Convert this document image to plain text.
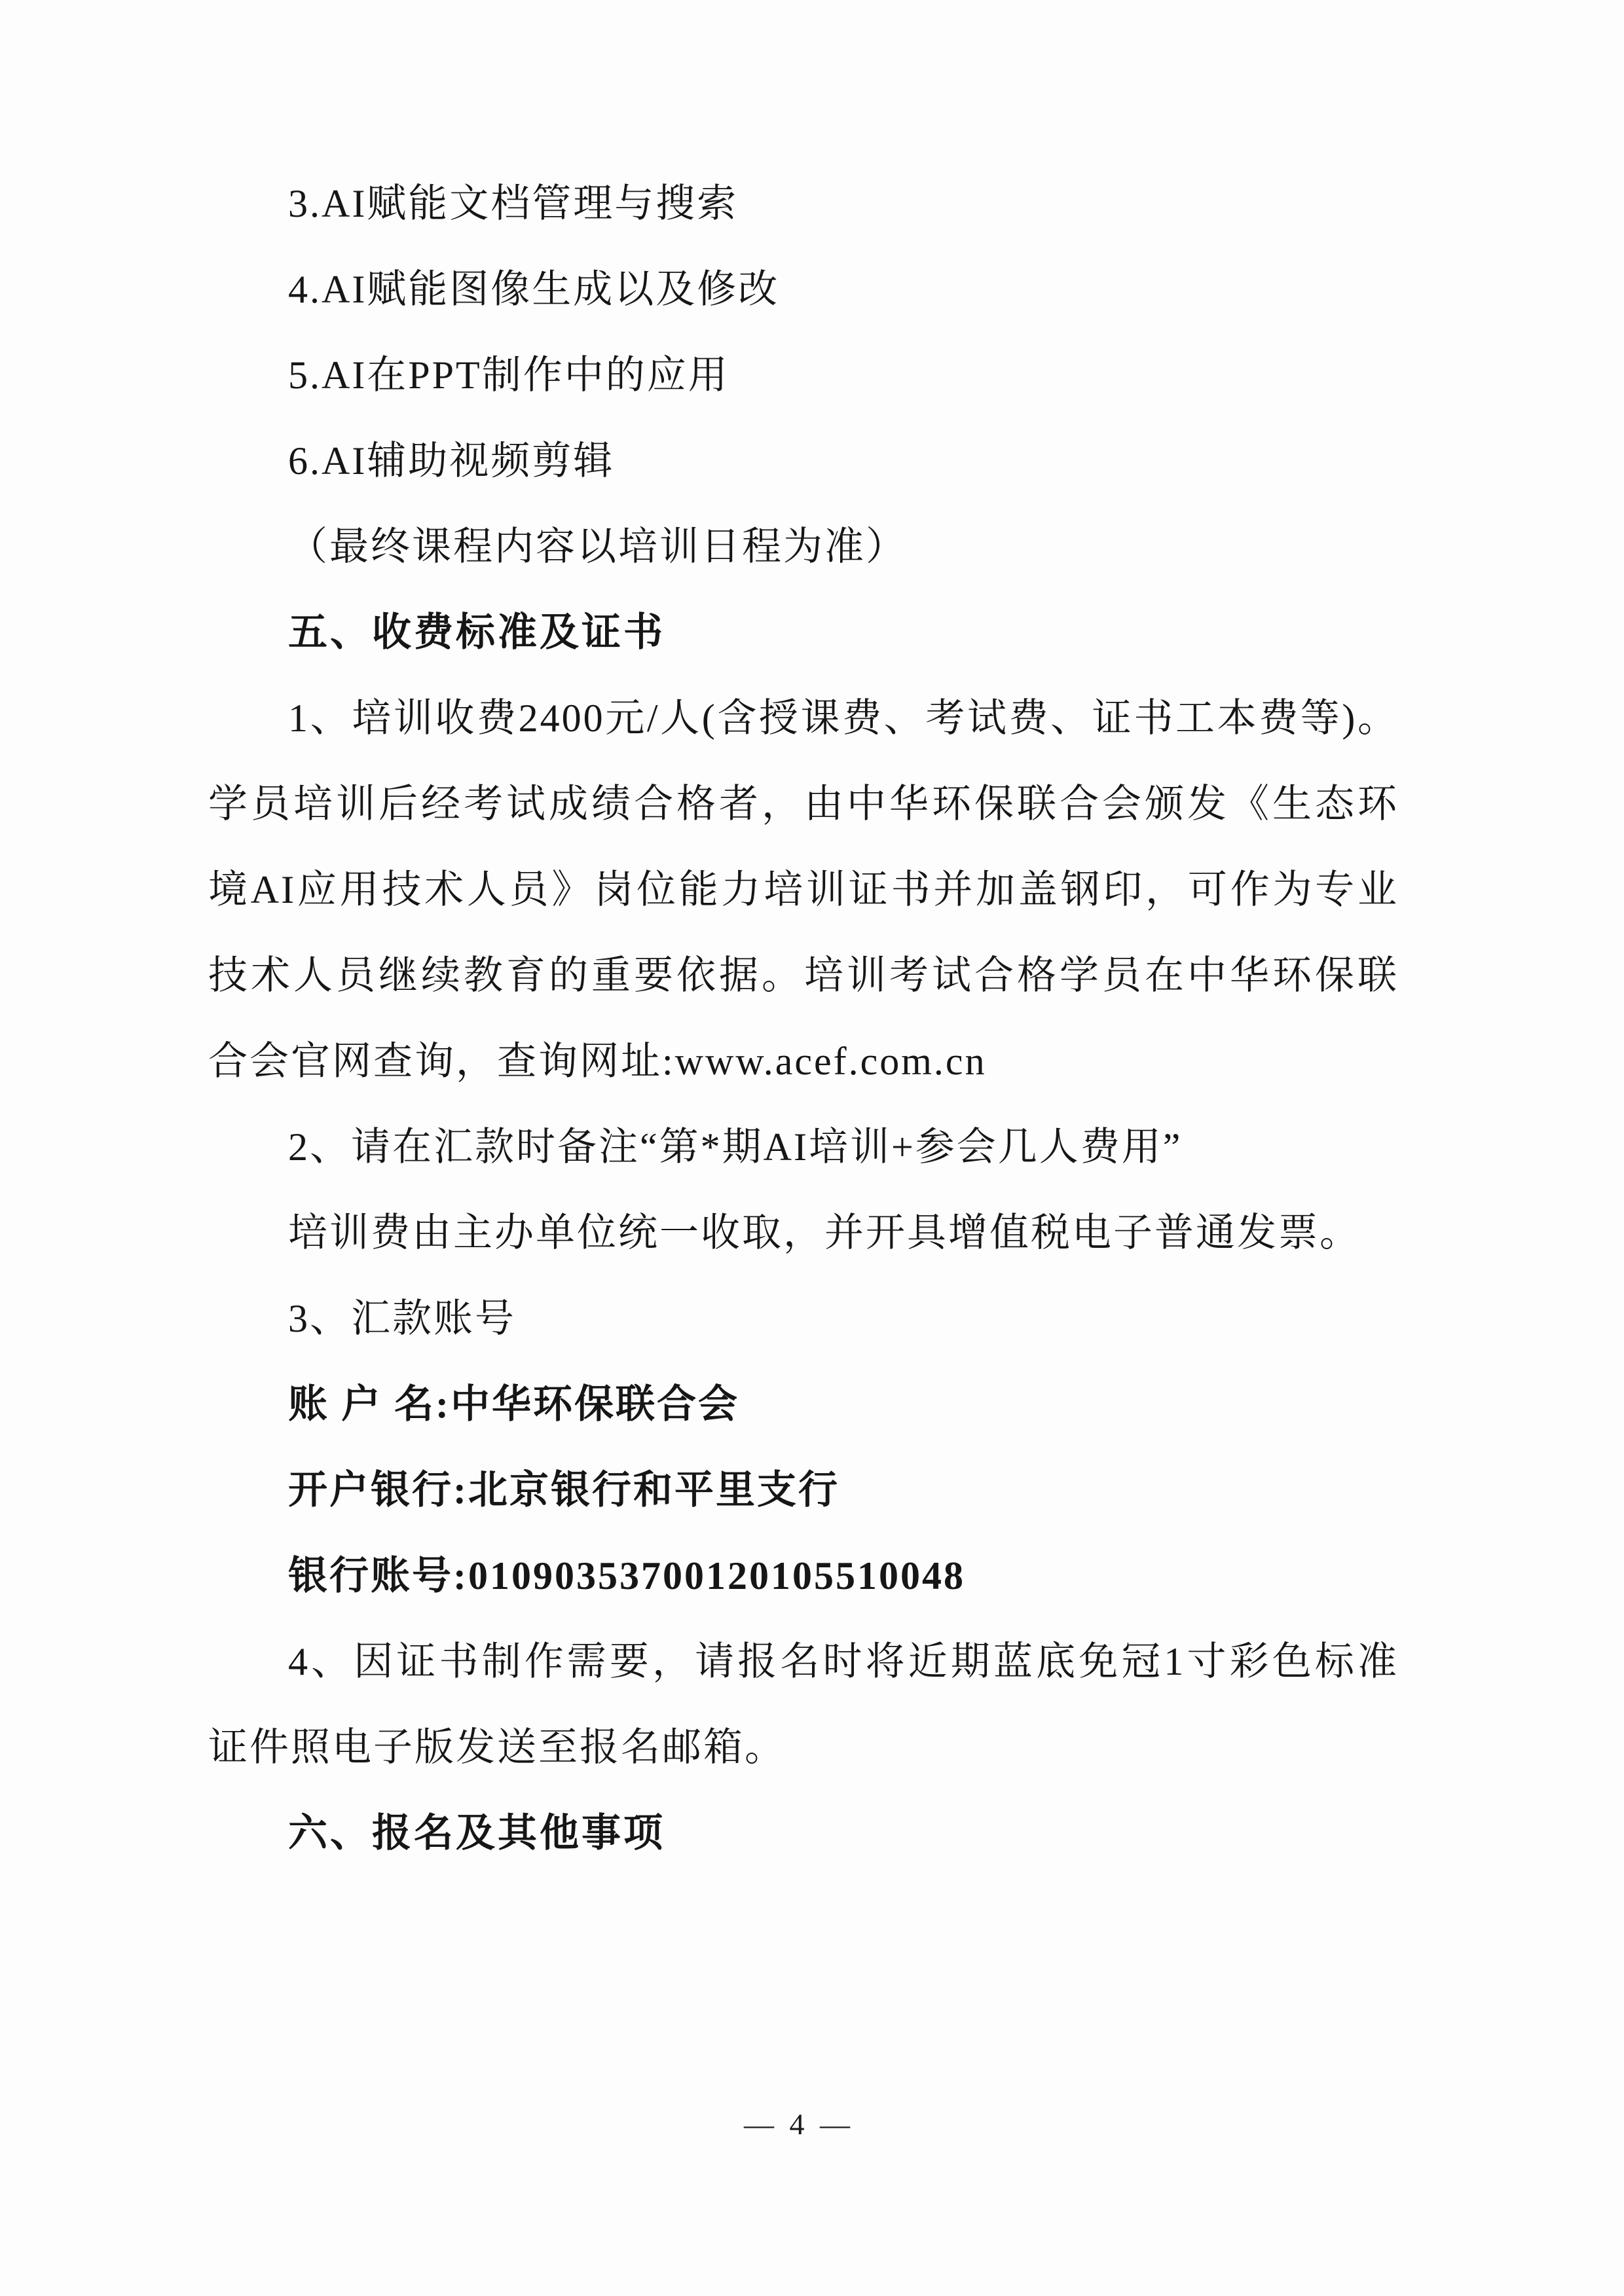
3.AI赋能文档管理与搜索

4.AI赋能图像生成以及修改

5.AI在PPT制作中的应用

6.AI辅助视频剪辑

（最终课程内容以培训日程为准）

五、收费标准及证书

1、培训收费2400元/人(含授课费、考试费、证书工本费等)。学员培训后经考试成绩合格者，由中华环保联合会颁发《生态环境AI应用技术人员》岗位能力培训证书并加盖钢印，可作为专业技术人员继续教育的重要依据。培训考试合格学员在中华环保联合会官网查询，查询网址:www.acef.com.cn

2、请在汇款时备注“第*期AI培训+参会几人费用”

培训费由主办单位统一收取，并开具增值税电子普通发票。

3、汇款账号

账 户 名:中华环保联合会

开户银行:北京银行和平里支行

银行账号:01090353700120105510048

4、因证书制作需要，请报名时将近期蓝底免冠1寸彩色标准证件照电子版发送至报名邮箱。

六、报名及其他事项

— 4 —
